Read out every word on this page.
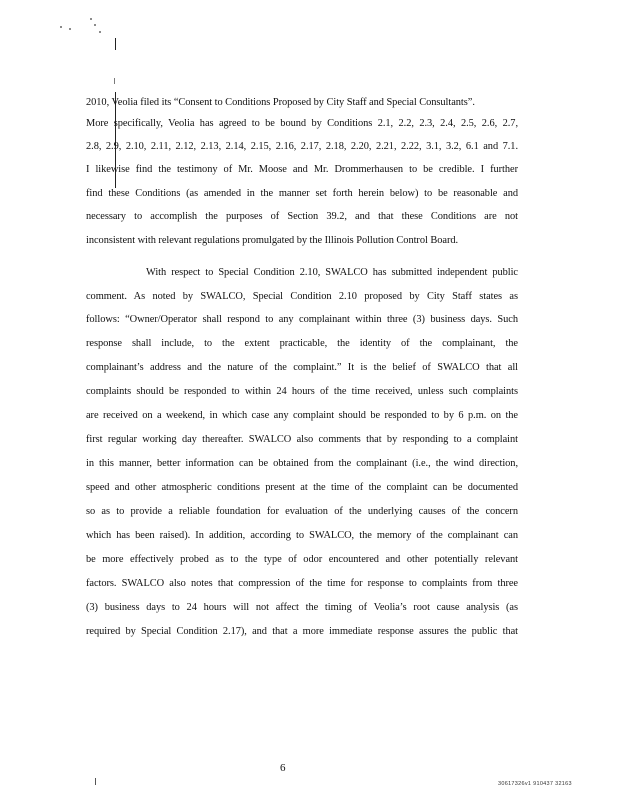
2010, Veolia filed its “Consent to Conditions Proposed by City Staff and Special Consultants”.
More specifically, Veolia has agreed to be bound by Conditions 2.1, 2.2, 2.3, 2.4, 2.5, 2.6, 2.7,
2.8, 2.9, 2.10, 2.11, 2.12, 2.13, 2.14, 2.15, 2.16, 2.17, 2.18, 2.20, 2.21, 2.22, 3.1, 3.2, 6.1 and 7.1.
I likewise find the testimony of Mr. Moose and Mr. Drommerhausen to be credible. I further
find these Conditions (as amended in the manner set forth herein below) to be reasonable and
necessary to accomplish the purposes of Section 39.2, and that these Conditions are not
inconsistent with relevant regulations promulgated by the Illinois Pollution Control Board.
With respect to Special Condition 2.10, SWALCO has submitted independent public
comment. As noted by SWALCO, Special Condition 2.10 proposed by City Staff states as
follows: “Owner/Operator shall respond to any complainant within three (3) business days. Such
response shall include, to the extent practicable, the identity of the complainant, the
complainant’s address and the nature of the complaint.” It is the belief of SWALCO that all
complaints should be responded to within 24 hours of the time received, unless such complaints
are received on a weekend, in which case any complaint should be responded to by 6 p.m. on the
first regular working day thereafter. SWALCO also comments that by responding to a complaint
in this manner, better information can be obtained from the complainant (i.e., the wind direction,
speed and other atmospheric conditions present at the time of the complaint can be documented
so as to provide a reliable foundation for evaluation of the underlying causes of the concern
which has been raised). In addition, according to SWALCO, the memory of the complainant can
be more effectively probed as to the type of odor encountered and other potentially relevant
factors. SWALCO also notes that compression of the time for response to complaints from three
(3) business days to 24 hours will not affect the timing of Veolia’s root cause analysis (as
required by Special Condition 2.17), and that a more immediate response assures the public that
6
30617326v1 910437 32163
